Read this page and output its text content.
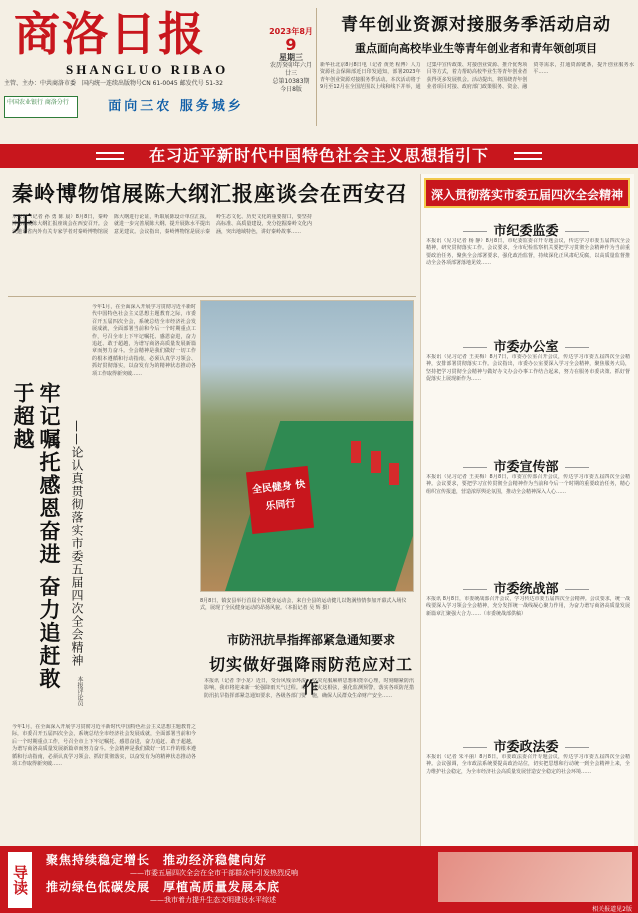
商洛日报
SHANGLUO RIBAO
主管、主办：中共商洛市委　国内统一连续出版物号CN 61-0045 邮发代号 51-32
中国农业银行 商洛分行	面向三农 服务城乡
2023年8月
9
星期三
农历癸卯年六月廿三
总第10383期
今日8版
青年创业资源对接服务季活动启动
重点面向高校毕业生等青年创业者和青年领创项目
新华社北京8月8日电（记者 黄尧 程博）人力资源社会保障部近日印发通知，部署2023年青年创业资源对接服务季活动。本次活动将于9月至12月在全国范围以上线和线下并举，通过集中宣传政策、对接创业资源、推介优秀项目等方式，着力帮助高校毕业生等青年创业者获得更多发展机会。活动提出，将围绕青年创业者项目对接、政府部门政策服务、资金、融资等需求，打通资源链条，提升创业服务水平……
在习近平新时代中国特色社会主义思想指引下
秦岭博物馆展陈大纲汇报座谈会在西安召开
本报讯（记者 孙 勇 陈 晨）8月8日，秦岭博物馆展陈大纲汇报座谈会在西安召开。会议邀请省内外有关专家学者对秦岭博物馆展陈大纲进行论证，听取展陈设计单位汇报，就进一步完善展陈大纲、提升展陈水平提出意见建议。会议指出，秦岭博物馆是展示秦岭生态文化、历史文化的重要窗口，要坚持高标准、高质量建设，充分挖掘秦岭文化内涵，突出地域特色，讲好秦岭故事……
牢记嘱托感恩奋进 奋力追赶敢于超越
——论认真贯彻落实市委五届四次全会精神
本报评论员
今年1月，在全面深入开展学习贯彻习近平新时代中国特色社会主义思想主题教育之际，市委召开五届四次全会，系统总结全市经济社会发展成就，全面部署当前和今后一个时期重点工作，号召全市上下牢记嘱托、感恩奋进，奋力追赶、敢于超越，为谱写商洛高质量发展新篇章而努力奋斗。全会精神是我们做好一切工作的根本遵循和行动指南，必须认真学习领会、抓好贯彻落实，以奋发有为的精神状态推动各项工作取得新突破……
今年1月，在全面深入开展学习贯彻习近平新时代中国特色社会主义思想主题教育之际，市委召开五届四次全会，系统总结全市经济社会发展成就，全面部署当前和今后一个时期重点工作，号召全市上下牢记嘱托、感恩奋进，奋力追赶、敢于超越，为谱写商洛高质量发展新篇章而努力奋斗。全会精神是我们做好一切工作的根本遵循和行动指南，必须认真学习领会、抓好贯彻落实，以奋发有为的精神状态推动各项工作取得新突破……
全民健身 快乐同行
8月8日，镇安县举行首届全民健身运动会，来自全县的运动健儿以饱满热情参加开幕式入场仪式，展现了全民健身运动的昂扬风貌。（本报记者 吴 辉 摄）
市防汛抗旱指挥部紧急通知要求
切实做好强降雨防范应对工作
本报讯（记者 李小龙）近日，受台风残余环流影响，我市将迎来新一轮强降雨天气过程。市防汛抗旱指挥部紧急通知要求，各级各部门要坚决克服麻痹思想和侥幸心理，时刻绷紧防汛救灾这根弦，强化监测预警，落实各项防范措施，确保人民群众生命财产安全……
深入贯彻落实市委五届四次全会精神
市纪委监委
本报讯（见习记者 杨 静）8月8日，市纪委监委召开专题会议，传达学习市委五届四次全会精神，研究贯彻落实工作。会议要求，全市纪检监察机关要把学习贯彻全会精神作为当前重要政治任务，聚焦全会部署要求，强化政治监督，持续深化正风肃纪反腐，以高质量监督推动全会各项部署落地见效……
市委办公室
本报讯（见习记者 王美梅）8月7日，市委办公室召开会议，传达学习市委五届四次全会精神，安排部署贯彻落实工作。会议指出，市委办公室要深入学习全会精神，聚焦服务大局，坚持把学习贯彻全会精神与做好办文办会办事工作结合起来，努力在服务市委决策、抓好督促落实上展现新作为……
市委宣传部
本报讯（见习记者 王美梅）8月8日，市委宣传部召开会议，传达学习市委五届四次全会精神。会议要求，要把学习宣传贯彻全会精神作为当前和今后一个时期的重要政治任务，精心组织宣传报道，营造浓厚舆论氛围，推动全会精神深入人心……
市委统战部
本报讯 8月8日，市委统战部召开会议，学习传达市委五届四次全会精神。会议要求，统一战线要深入学习领会全会精神，充分发挥统一战线凝心聚力作用，为奋力谱写商洛高质量发展新篇章汇聚强大合力……（市委统战部供稿）
市委政法委
本报讯（记者 朱平丽）8月8日，市委政法委召开专题会议，传达学习市委五届四次全会精神。会议强调，全市政法系统要提高政治站位，切实把思想和行动统一到全会精神上来，全力维护社会稳定，为全市经济社会高质量发展营造安全稳定的社会环境……
导读
聚焦持续稳定增长　推动经济稳健向好
——市委五届四次全会在全市干部群众中引发热烈反响
推动绿色低碳发展　厚植高质量发展本底
——我市着力提升生态文明建设水平综述
相关报道见2版
